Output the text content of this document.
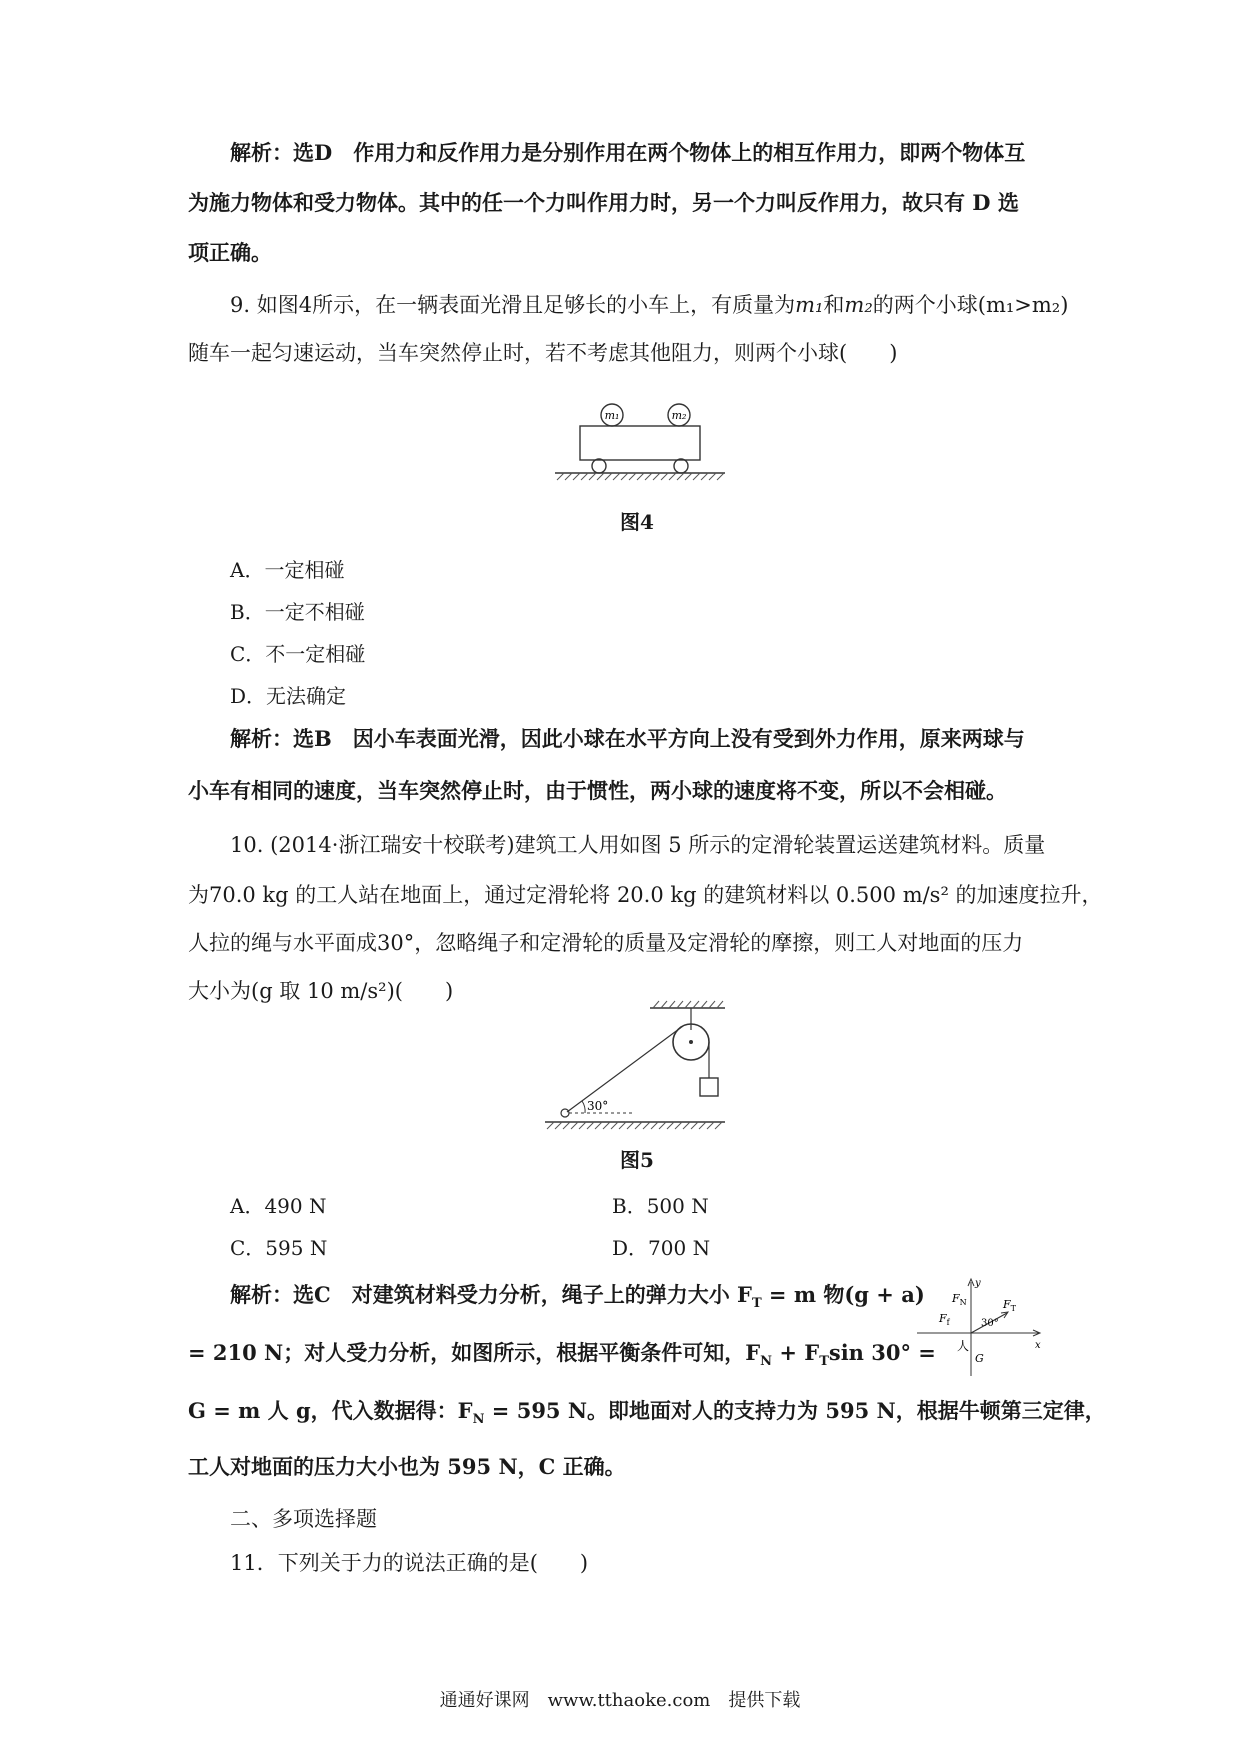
解析：选D　作用力和反作用力是分别作用在两个物体上的相互作用力，即两个物体互
为施力物体和受力物体。其中的任一个力叫作用力时，另一个力叫反作用力，故只有 D 选
项正确。
9. 如图4所示，在一辆表面光滑且足够长的小车上，有质量为m₁和m₂的两个小球(m₁>m₂)
随车一起匀速运动，当车突然停止时，若不考虑其他阻力，则两个小球(　　)
m₁	m₂
图4
A．一定相碰
B．一定不相碰
C．不一定相碰
D．无法确定
解析：选B　因小车表面光滑，因此小球在水平方向上没有受到外力作用，原来两球与
小车有相同的速度，当车突然停止时，由于惯性，两小球的速度将不变，所以不会相碰。
10. (2014·浙江瑞安十校联考)建筑工人用如图 5 所示的定滑轮装置运送建筑材料。质量
为70.0 kg 的工人站在地面上，通过定滑轮将 20.0 kg 的建筑材料以 0.500 m/s² 的加速度拉升，
人拉的绳与水平面成30°，忽略绳子和定滑轮的质量及定滑轮的摩擦，则工人对地面的压力
大小为(g 取 10 m/s²)(　　)
30°
图5
A．490 N	B．500 N
C．595 N	D．700 N
解析：选C　对建筑材料受力分析，绳子上的弹力大小 $F_T = m$ 物(g + a)
= 210 N；对人受力分析，如图所示，根据平衡条件可知，$F_N + F_T\sin$ 30° =
G = m 人 g，代入数据得：$F_N = 595$ N。即地面对人的支持力为 595 N，根据牛顿第三定律，
工人对地面的压力大小也为 595 N，C 正确。
y
x
$F_N$
$F_f$
$F_T$
30°
人
G
二、多项选择题
11．下列关于力的说法正确的是(　　)
通通好课网　www.tthaoke.com　提供下载
